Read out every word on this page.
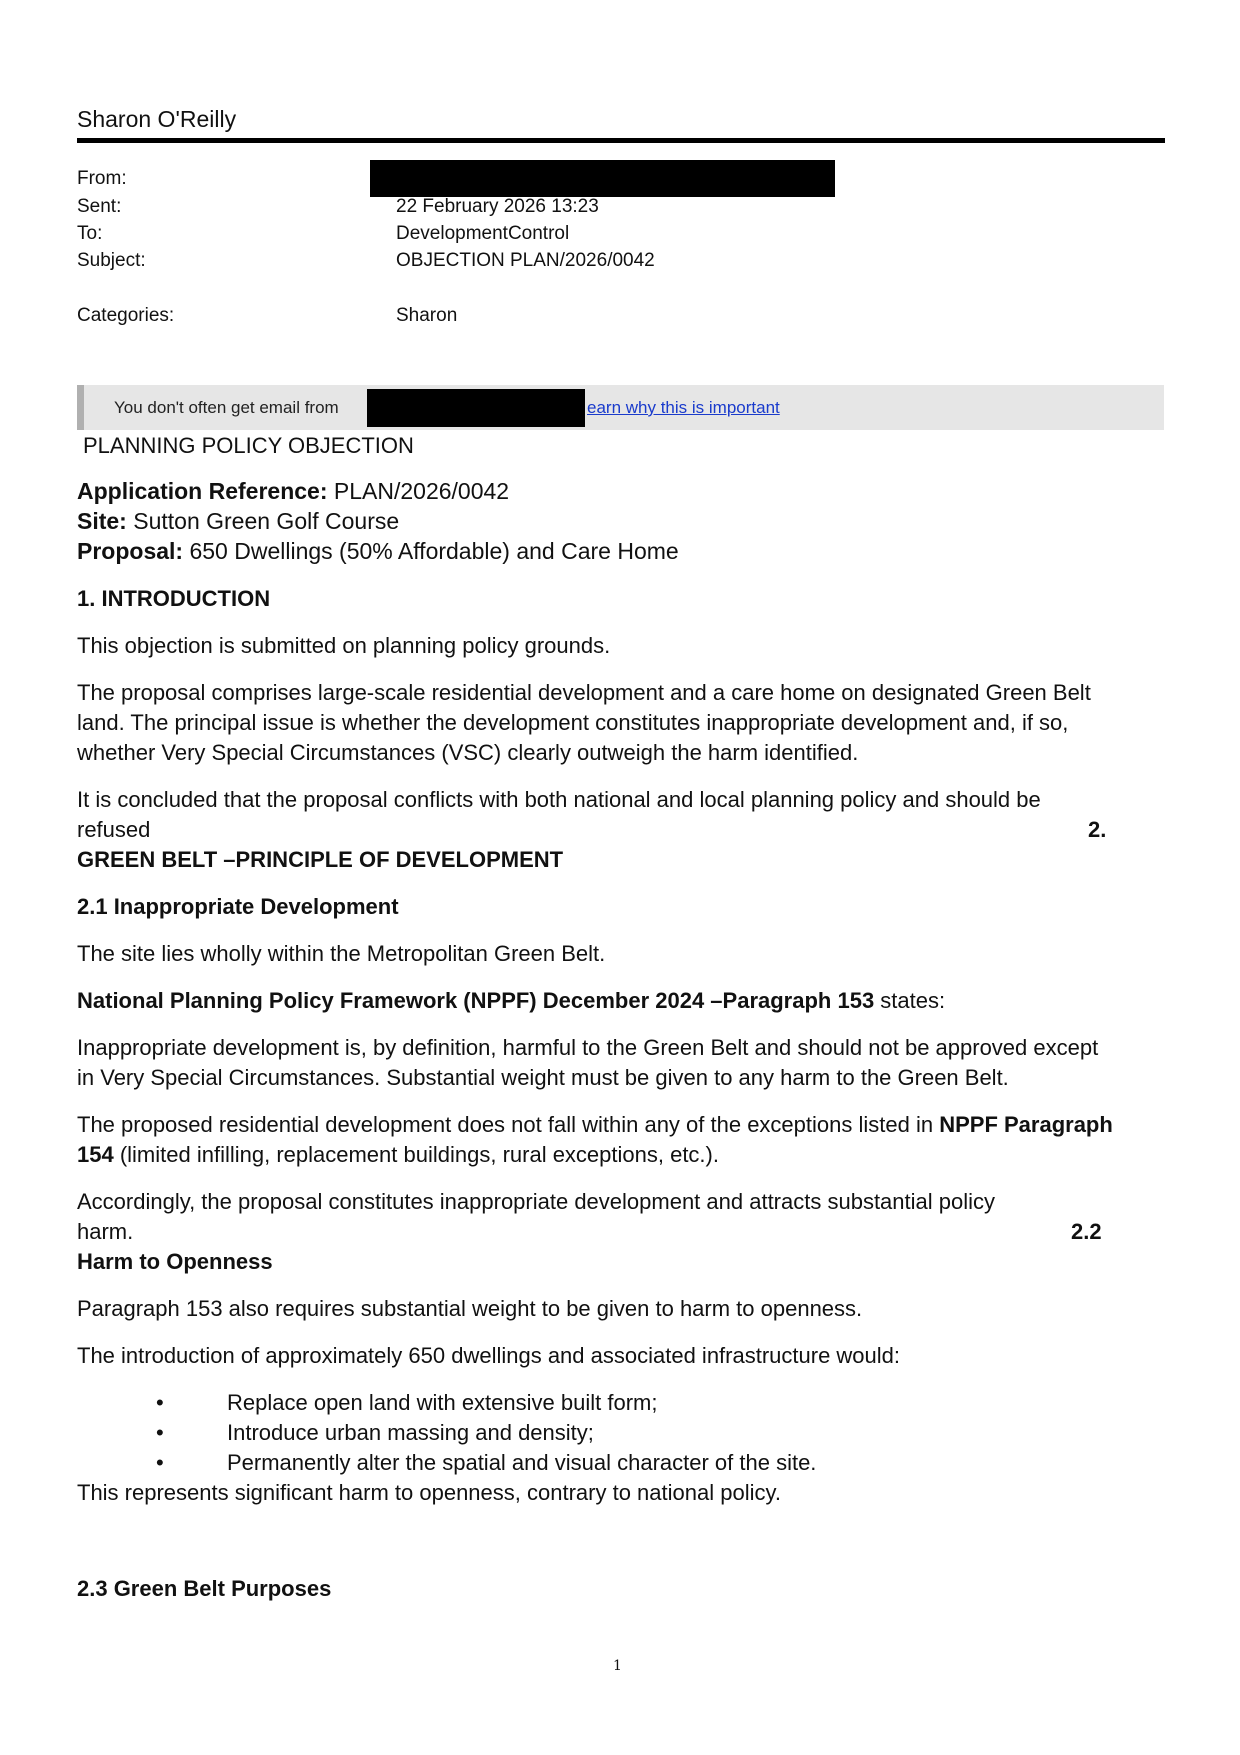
Sharon O'Reilly
From:
Sent:	22 February 2026 13:23
To:	DevelopmentControl
Subject:	OBJECTION PLAN/2026/0042
Categories:	Sharon
You don't often get email from	earn why this is important
PLANNING POLICY OBJECTION
Application Reference: PLAN/2026/0042
Site: Sutton Green Golf Course
Proposal: 650 Dwellings (50% Affordable) and Care Home
1. INTRODUCTION
This objection is submitted on planning policy grounds.
The proposal comprises large-scale residential development and a care home on designated Green Belt
land. The principal issue is whether the development constitutes inappropriate development and, if so,
whether Very Special Circumstances (VSC) clearly outweigh the harm identified.
It is concluded that the proposal conflicts with both national and local planning policy and should be
refused	2.
GREEN BELT –PRINCIPLE OF DEVELOPMENT
2.1 Inappropriate Development
The site lies wholly within the Metropolitan Green Belt.
National Planning Policy Framework (NPPF) December 2024 –Paragraph 153 states:
Inappropriate development is, by definition, harmful to the Green Belt and should not be approved except
in Very Special Circumstances. Substantial weight must be given to any harm to the Green Belt.
The proposed residential development does not fall within any of the exceptions listed in NPPF Paragraph
154 (limited infilling, replacement buildings, rural exceptions, etc.).
Accordingly, the proposal constitutes inappropriate development and attracts substantial policy
harm.	2.2
Harm to Openness
Paragraph 153 also requires substantial weight to be given to harm to openness.
The introduction of approximately 650 dwellings and associated infrastructure would:
•	Replace open land with extensive built form;
•	Introduce urban massing and density;
•	Permanently alter the spatial and visual character of the site.
This represents significant harm to openness, contrary to national policy.
2.3 Green Belt Purposes
1
